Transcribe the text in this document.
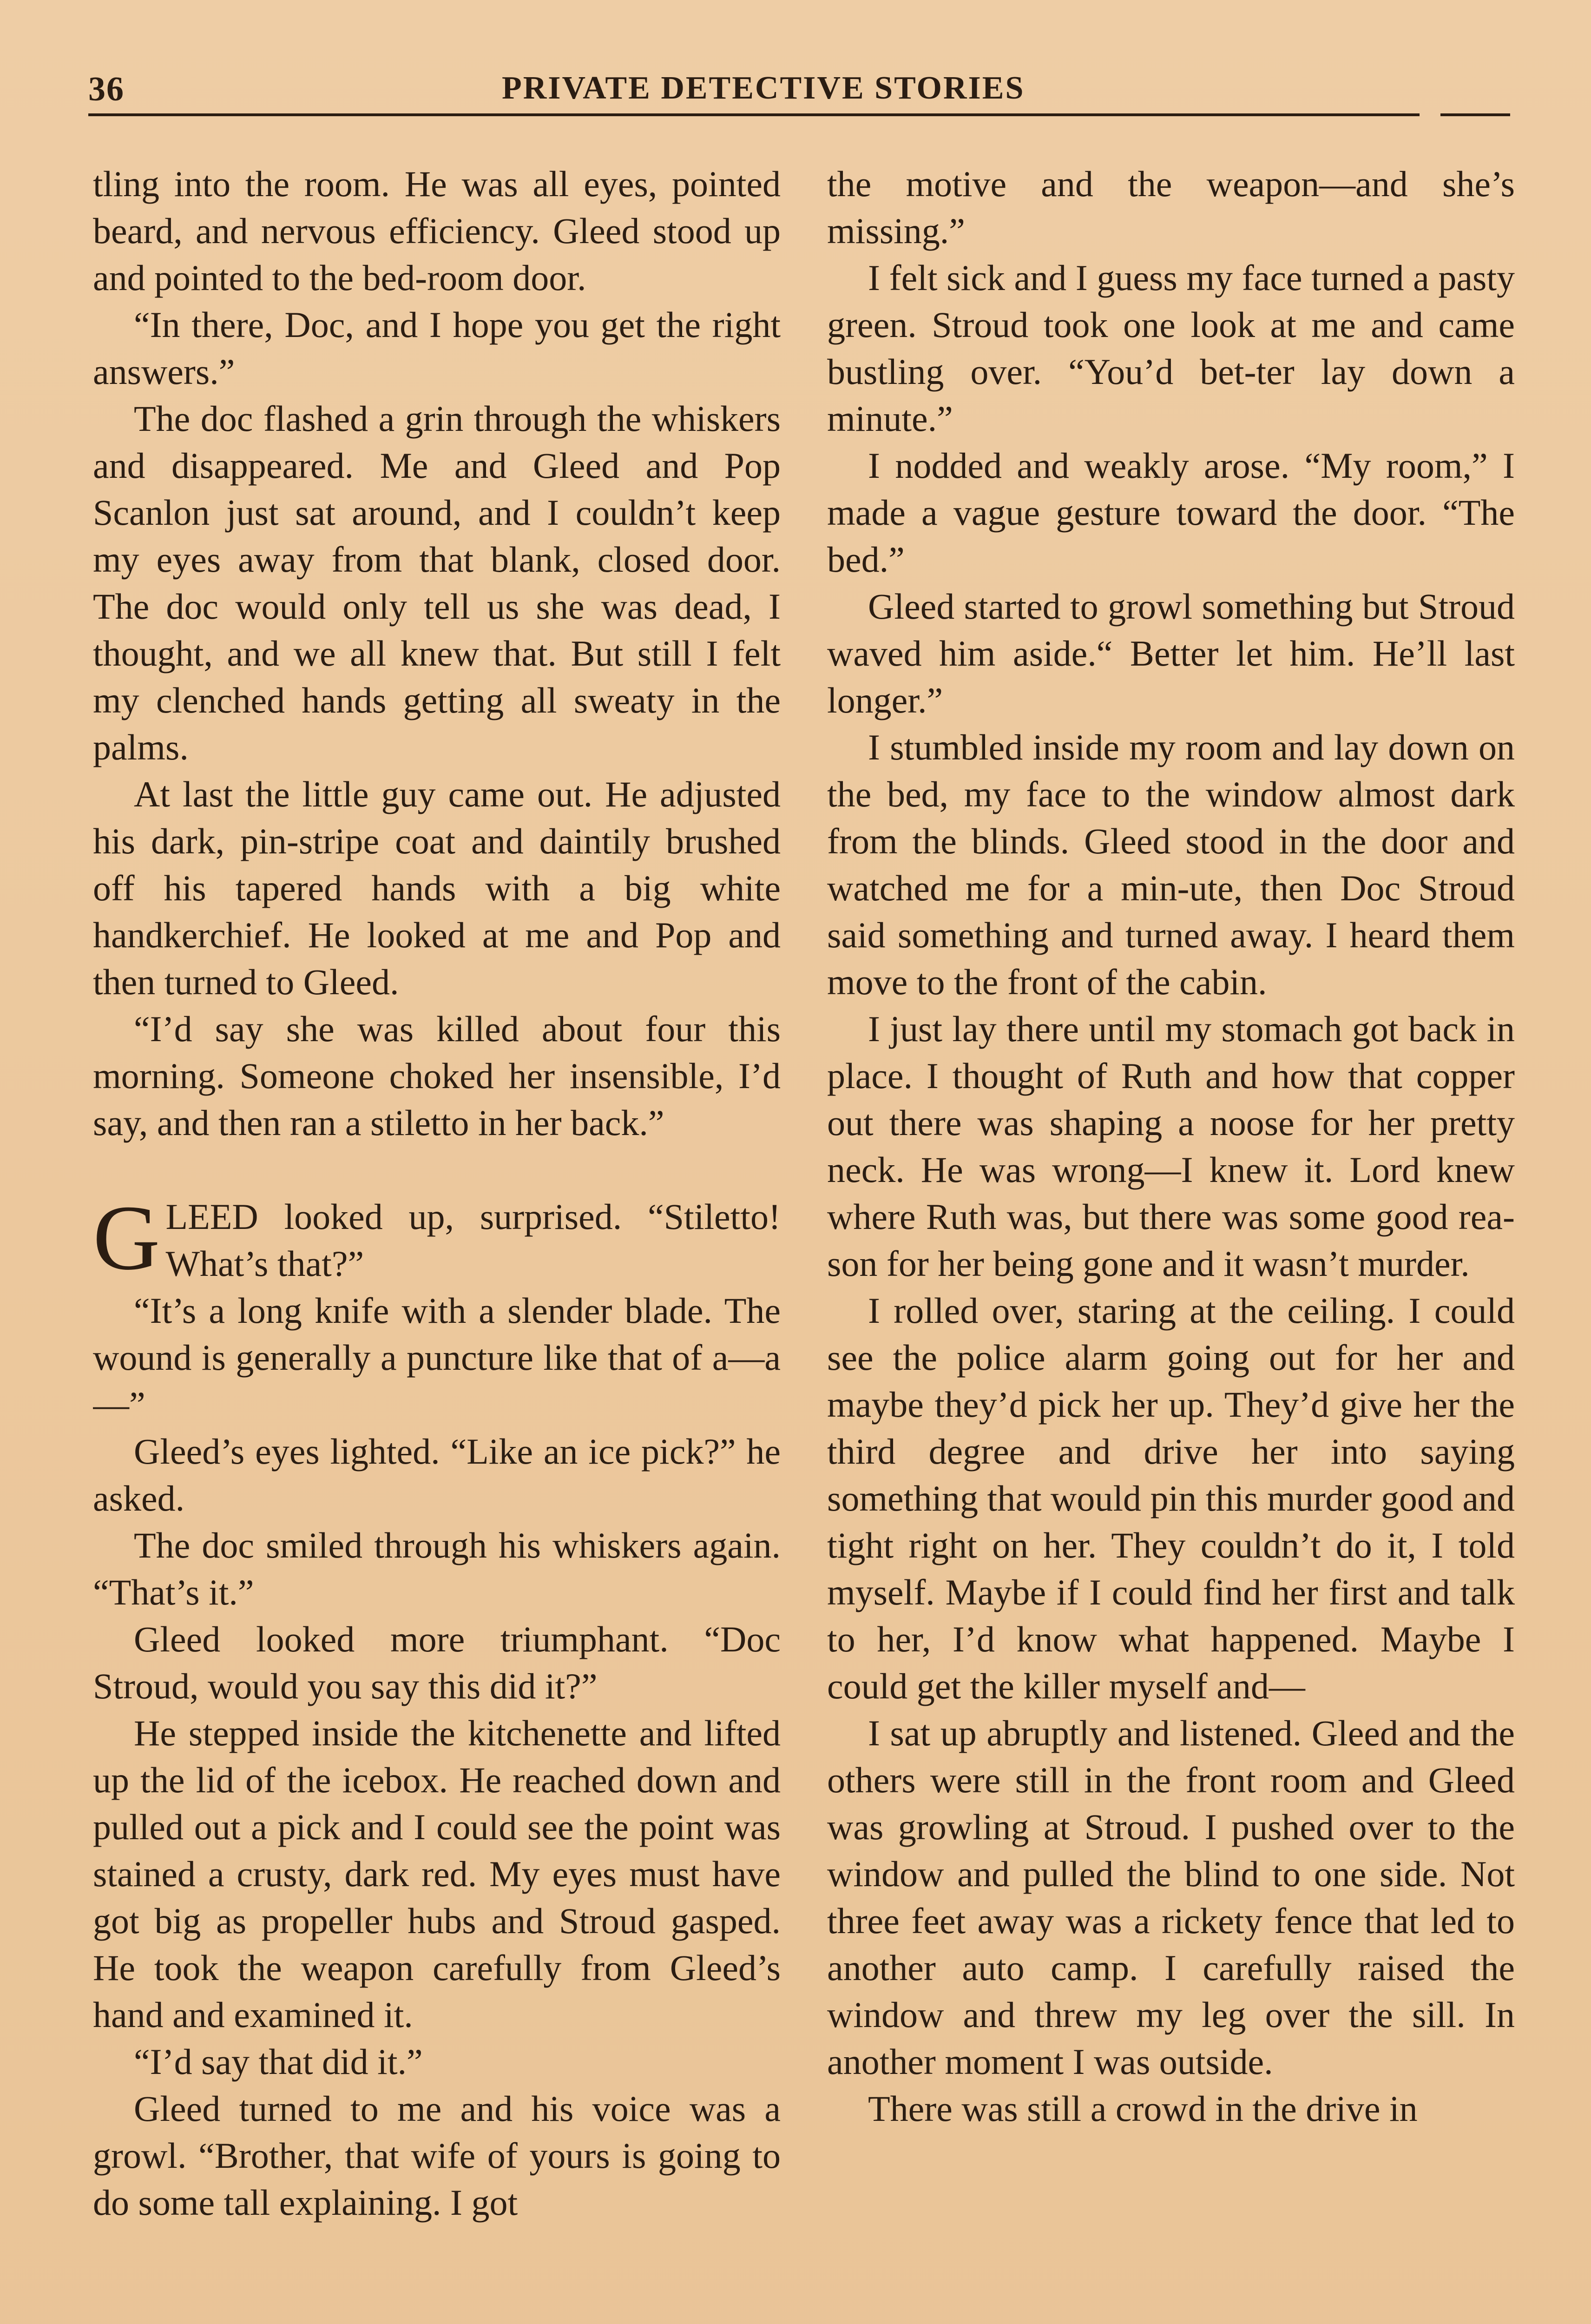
36	PRIVATE DETECTIVE STORIES

tling into the room. He was all eyes, pointed beard, and nervous efficiency. Gleed stood up and pointed to the bed-room door.

“In there, Doc, and I hope you get the right answers.”

The doc flashed a grin through the whiskers and disappeared. Me and Gleed and Pop Scanlon just sat around, and I couldn’t keep my eyes away from that blank, closed door. The doc would only tell us she was dead, I thought, and we all knew that. But still I felt my clenched hands getting all sweaty in the palms.

At last the little guy came out. He adjusted his dark, pin-stripe coat and daintily brushed off his tapered hands with a big white handkerchief. He looked at me and Pop and then turned to Gleed.

“I’d say she was killed about four this morning. Someone choked her insensible, I’d say, and then ran a stiletto in her back.”

GLEED looked up, surprised. “Stiletto! What’s that?”

“It’s a long knife with a slender blade. The wound is generally a puncture like that of a—a—”

Gleed’s eyes lighted. “Like an ice pick?” he asked.

The doc smiled through his whiskers again. “That’s it.”

Gleed looked more triumphant. “Doc Stroud, would you say this did it?”

He stepped inside the kitchenette and lifted up the lid of the icebox. He reached down and pulled out a pick and I could see the point was stained a crusty, dark red. My eyes must have got big as propeller hubs and Stroud gasped. He took the weapon carefully from Gleed’s hand and examined it.

“I’d say that did it.”

Gleed turned to me and his voice was a growl. “Brother, that wife of yours is going to do some tall explaining. I got

the motive and the weapon—and she’s missing.”

I felt sick and I guess my face turned a pasty green. Stroud took one look at me and came bustling over. “You’d bet-ter lay down a minute.”

I nodded and weakly arose. “My room,” I made a vague gesture toward the door. “The bed.”

Gleed started to growl something but Stroud waved him aside.“ Better let him. He’ll last longer.”

I stumbled inside my room and lay down on the bed, my face to the window almost dark from the blinds. Gleed stood in the door and watched me for a min-ute, then Doc Stroud said something and turned away. I heard them move to the front of the cabin.

I just lay there until my stomach got back in place. I thought of Ruth and how that copper out there was shaping a noose for her pretty neck. He was wrong—I knew it. Lord knew where Ruth was, but there was some good rea-son for her being gone and it wasn’t murder.

I rolled over, staring at the ceiling. I could see the police alarm going out for her and maybe they’d pick her up. They’d give her the third degree and drive her into saying something that would pin this murder good and tight right on her. They couldn’t do it, I told myself. Maybe if I could find her first and talk to her, I’d know what happened. Maybe I could get the killer myself and—

I sat up abruptly and listened. Gleed and the others were still in the front room and Gleed was growling at Stroud. I pushed over to the window and pulled the blind to one side. Not three feet away was a rickety fence that led to another auto camp. I carefully raised the window and threw my leg over the sill. In another moment I was outside.

There was still a crowd in the drive in
